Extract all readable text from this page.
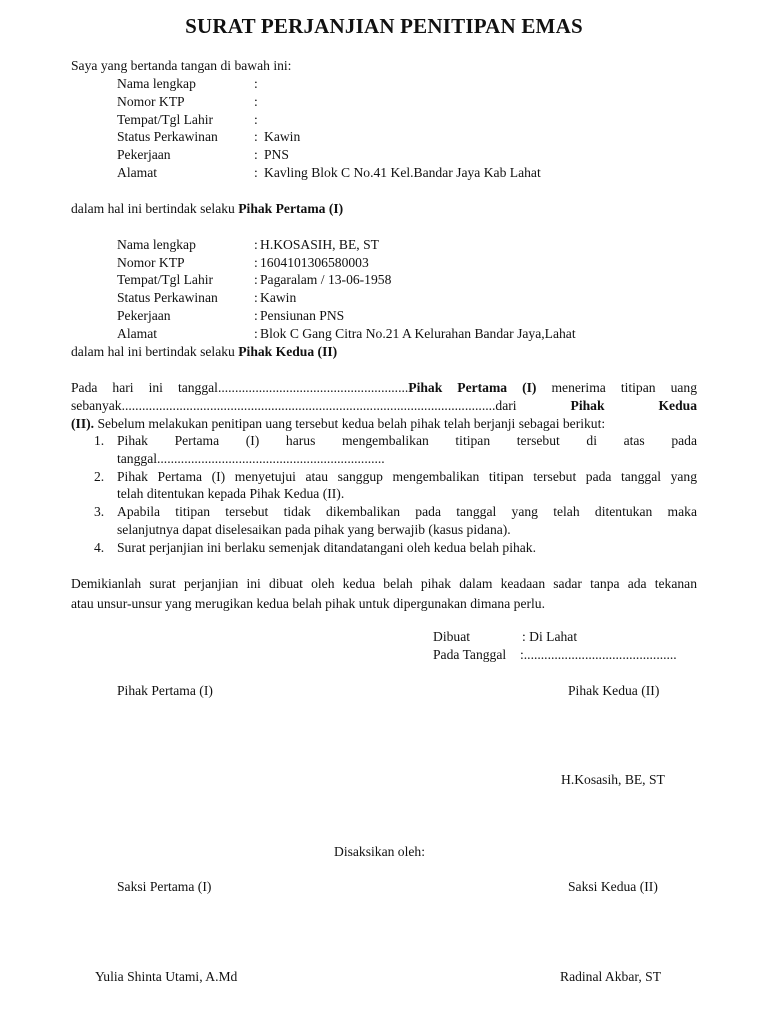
SURAT PERJANJIAN PENITIPAN EMAS
Saya yang bertanda tangan di bawah ini:
Nama lengkap	:
Nomor KTP	:
Tempat/Tgl Lahir	:
Status Perkawinan	: Kawin
Pekerjaan	: PNS
Alamat	: Kavling Blok C No.41 Kel.Bandar Jaya Kab Lahat
dalam hal ini bertindak selaku Pihak Pertama (I)
Nama lengkap	: H.KOSASIH, BE, ST
Nomor KTP	: 1604101306580003
Tempat/Tgl Lahir	: Pagaralam / 13-06-1958
Status Perkawinan	: Kawin
Pekerjaan	: Pensiunan PNS
Alamat	: Blok C Gang Citra No.21 A Kelurahan Bandar Jaya,Lahat
dalam hal ini bertindak selaku Pihak Kedua (II)
Pada hari ini tanggal........................................................Pihak Pertama (I) menerima titipan uang
sebanyak..............................................................................................................dari Pihak Kedua
(II). Sebelum melakukan penitipan uang tersebut kedua belah pihak telah berjanji sebagai berikut:
1. Pihak Pertama (I) harus mengembalikan titipan tersebut di atas pada
tanggal...................................................................
2. Pihak Pertama (I) menyetujui atau sanggup mengembalikan titipan tersebut pada tanggal yang
telah ditentukan kepada Pihak Kedua (II).
3. Apabila titipan tersebut tidak dikembalikan pada tanggal yang telah ditentukan maka
selanjutnya dapat diselesaikan pada pihak yang berwajib (kasus pidana).
4. Surat perjanjian ini berlaku semenjak ditandatangani oleh kedua belah pihak.
Demikianlah surat perjanjian ini dibuat oleh kedua belah pihak dalam keadaan sadar tanpa ada tekanan
atau unsur-unsur yang merugikan kedua belah pihak untuk dipergunakan dimana perlu.
Dibuat	: Di Lahat
Pada Tanggal :.............................................
Pihak Pertama (I)	Pihak Kedua (II)
H.Kosasih, BE, ST
Disaksikan oleh:
Saksi Pertama (I)	Saksi Kedua (II)
Yulia Shinta Utami, A.Md	Radinal Akbar, ST
